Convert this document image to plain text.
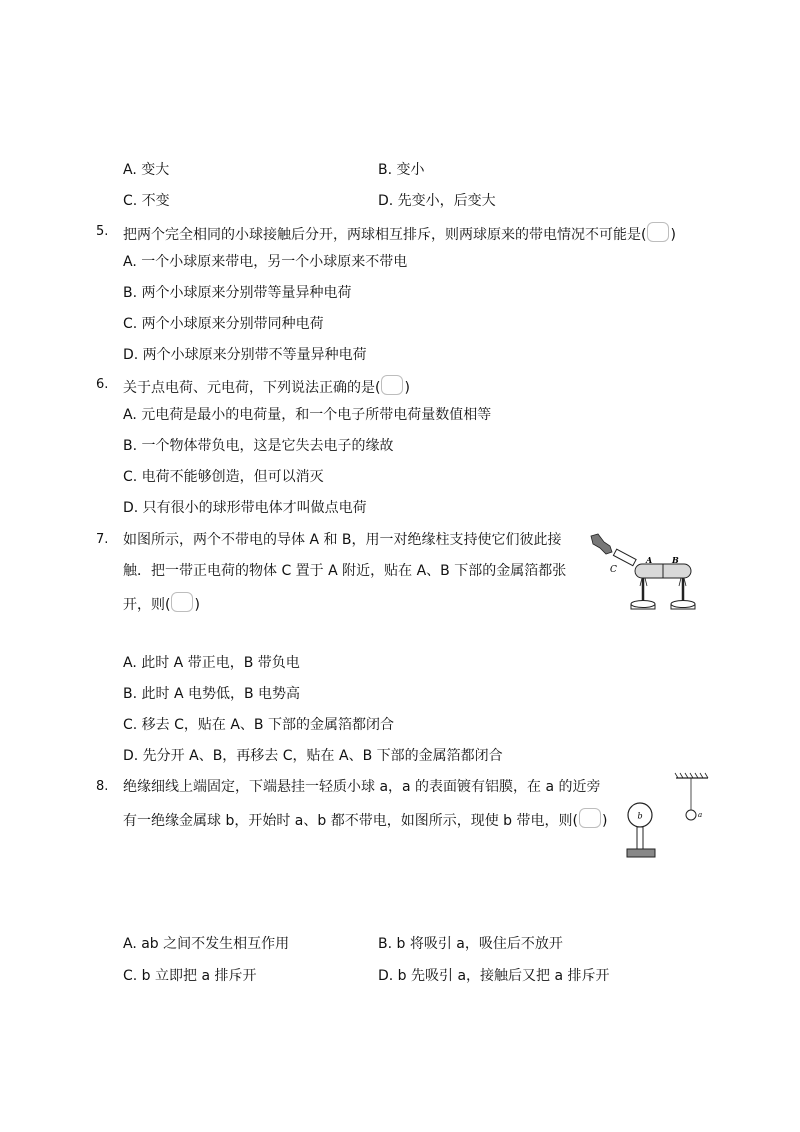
A. 变大	B. 变小
C. 不变	D. 先变小，后变大
5. 把两个完全相同的小球接触后分开，两球相互排斥，则两球原来的带电情况不可能是( )
A. 一个小球原来带电，另一个小球原来不带电
B. 两个小球原来分别带等量异种电荷
C. 两个小球原来分别带同种电荷
D. 两个小球原来分别带不等量异种电荷
6. 关于点电荷、元电荷，下列说法正确的是( )
A. 元电荷是最小的电荷量，和一个电子所带电荷量数值相等
B. 一个物体带负电，这是它失去电子的缘故
C. 电荷不能够创造，但可以消灭
D. 只有很小的球形带电体才叫做点电荷
7. 如图所示，两个不带电的导体 A 和 B，用一对绝缘柱支持使它们彼此接
触．把一带正电荷的物体 C 置于 A 附近，贴在 A、B 下部的金属箔都张
开，则( )
C
A B
A. 此时 A 带正电，B 带负电
B. 此时 A 电势低，B 电势高
C. 移去 C，贴在 A、B 下部的金属箔都闭合
D. 先分开 A、B，再移去 C，贴在 A、B 下部的金属箔都闭合
8. 绝缘细线上端固定，下端悬挂一轻质小球 a，a 的表面镀有铝膜，在 a 的近旁
有一绝缘金属球 b，开始时 a、b 都不带电，如图所示，现使 b 带电，则( )	a
b
A. ab 之间不发生相互作用	B. b 将吸引 a，吸住后不放开
C. b 立即把 a 排斥开	D. b 先吸引 a，接触后又把 a 排斥开
